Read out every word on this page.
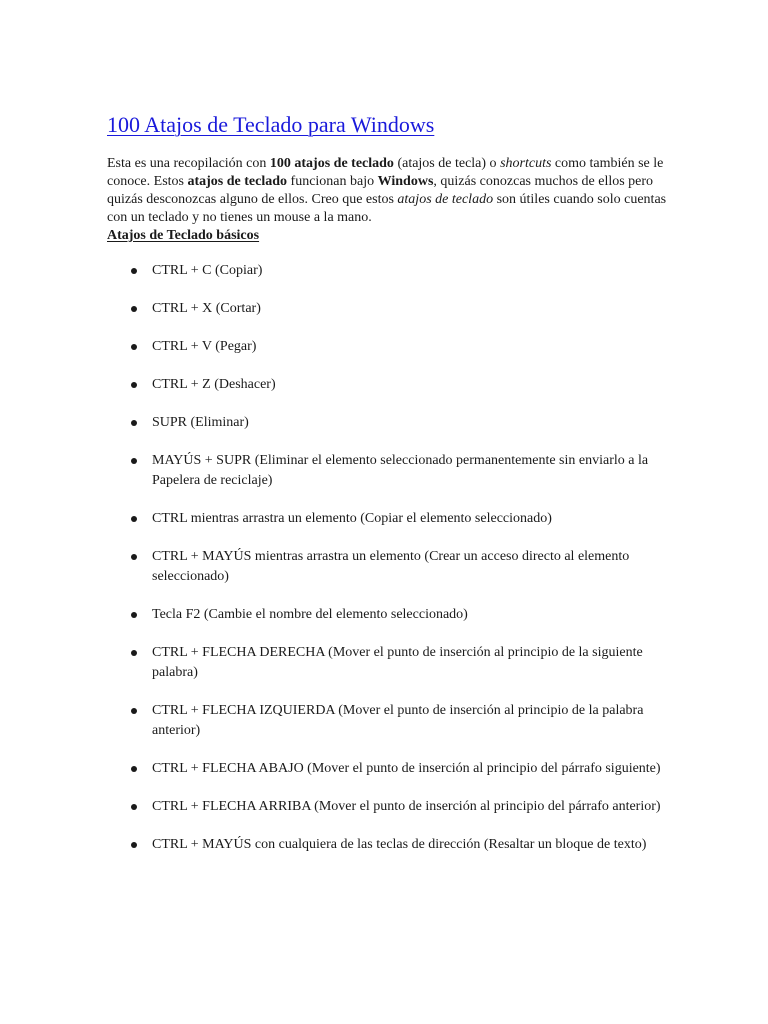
100 Atajos de Teclado para Windows

Esta es una recopilación con 100 atajos de teclado (atajos de tecla) o shortcuts como también se le conoce. Estos atajos de teclado funcionan bajo Windows, quizás conozcas muchos de ellos pero quizás desconozcas alguno de ellos. Creo que estos atajos de teclado son útiles cuando solo cuentas con un teclado y no tienes un mouse a la mano.

Atajos de Teclado básicos
CTRL + C (Copiar)
CTRL + X (Cortar)
CTRL + V (Pegar)
CTRL + Z (Deshacer)
SUPR (Eliminar)
MAYÚS + SUPR (Eliminar el elemento seleccionado permanentemente sin enviarlo a la Papelera de reciclaje)
CTRL mientras arrastra un elemento (Copiar el elemento seleccionado)
CTRL + MAYÚS mientras arrastra un elemento (Crear un acceso directo al elemento seleccionado)
Tecla F2 (Cambie el nombre del elemento seleccionado)
CTRL + FLECHA DERECHA (Mover el punto de inserción al principio de la siguiente palabra)
CTRL + FLECHA IZQUIERDA (Mover el punto de inserción al principio de la palabra anterior)
CTRL + FLECHA ABAJO (Mover el punto de inserción al principio del párrafo siguiente)
CTRL + FLECHA ARRIBA (Mover el punto de inserción al principio del párrafo anterior)
CTRL + MAYÚS con cualquiera de las teclas de dirección (Resaltar un bloque de texto)
